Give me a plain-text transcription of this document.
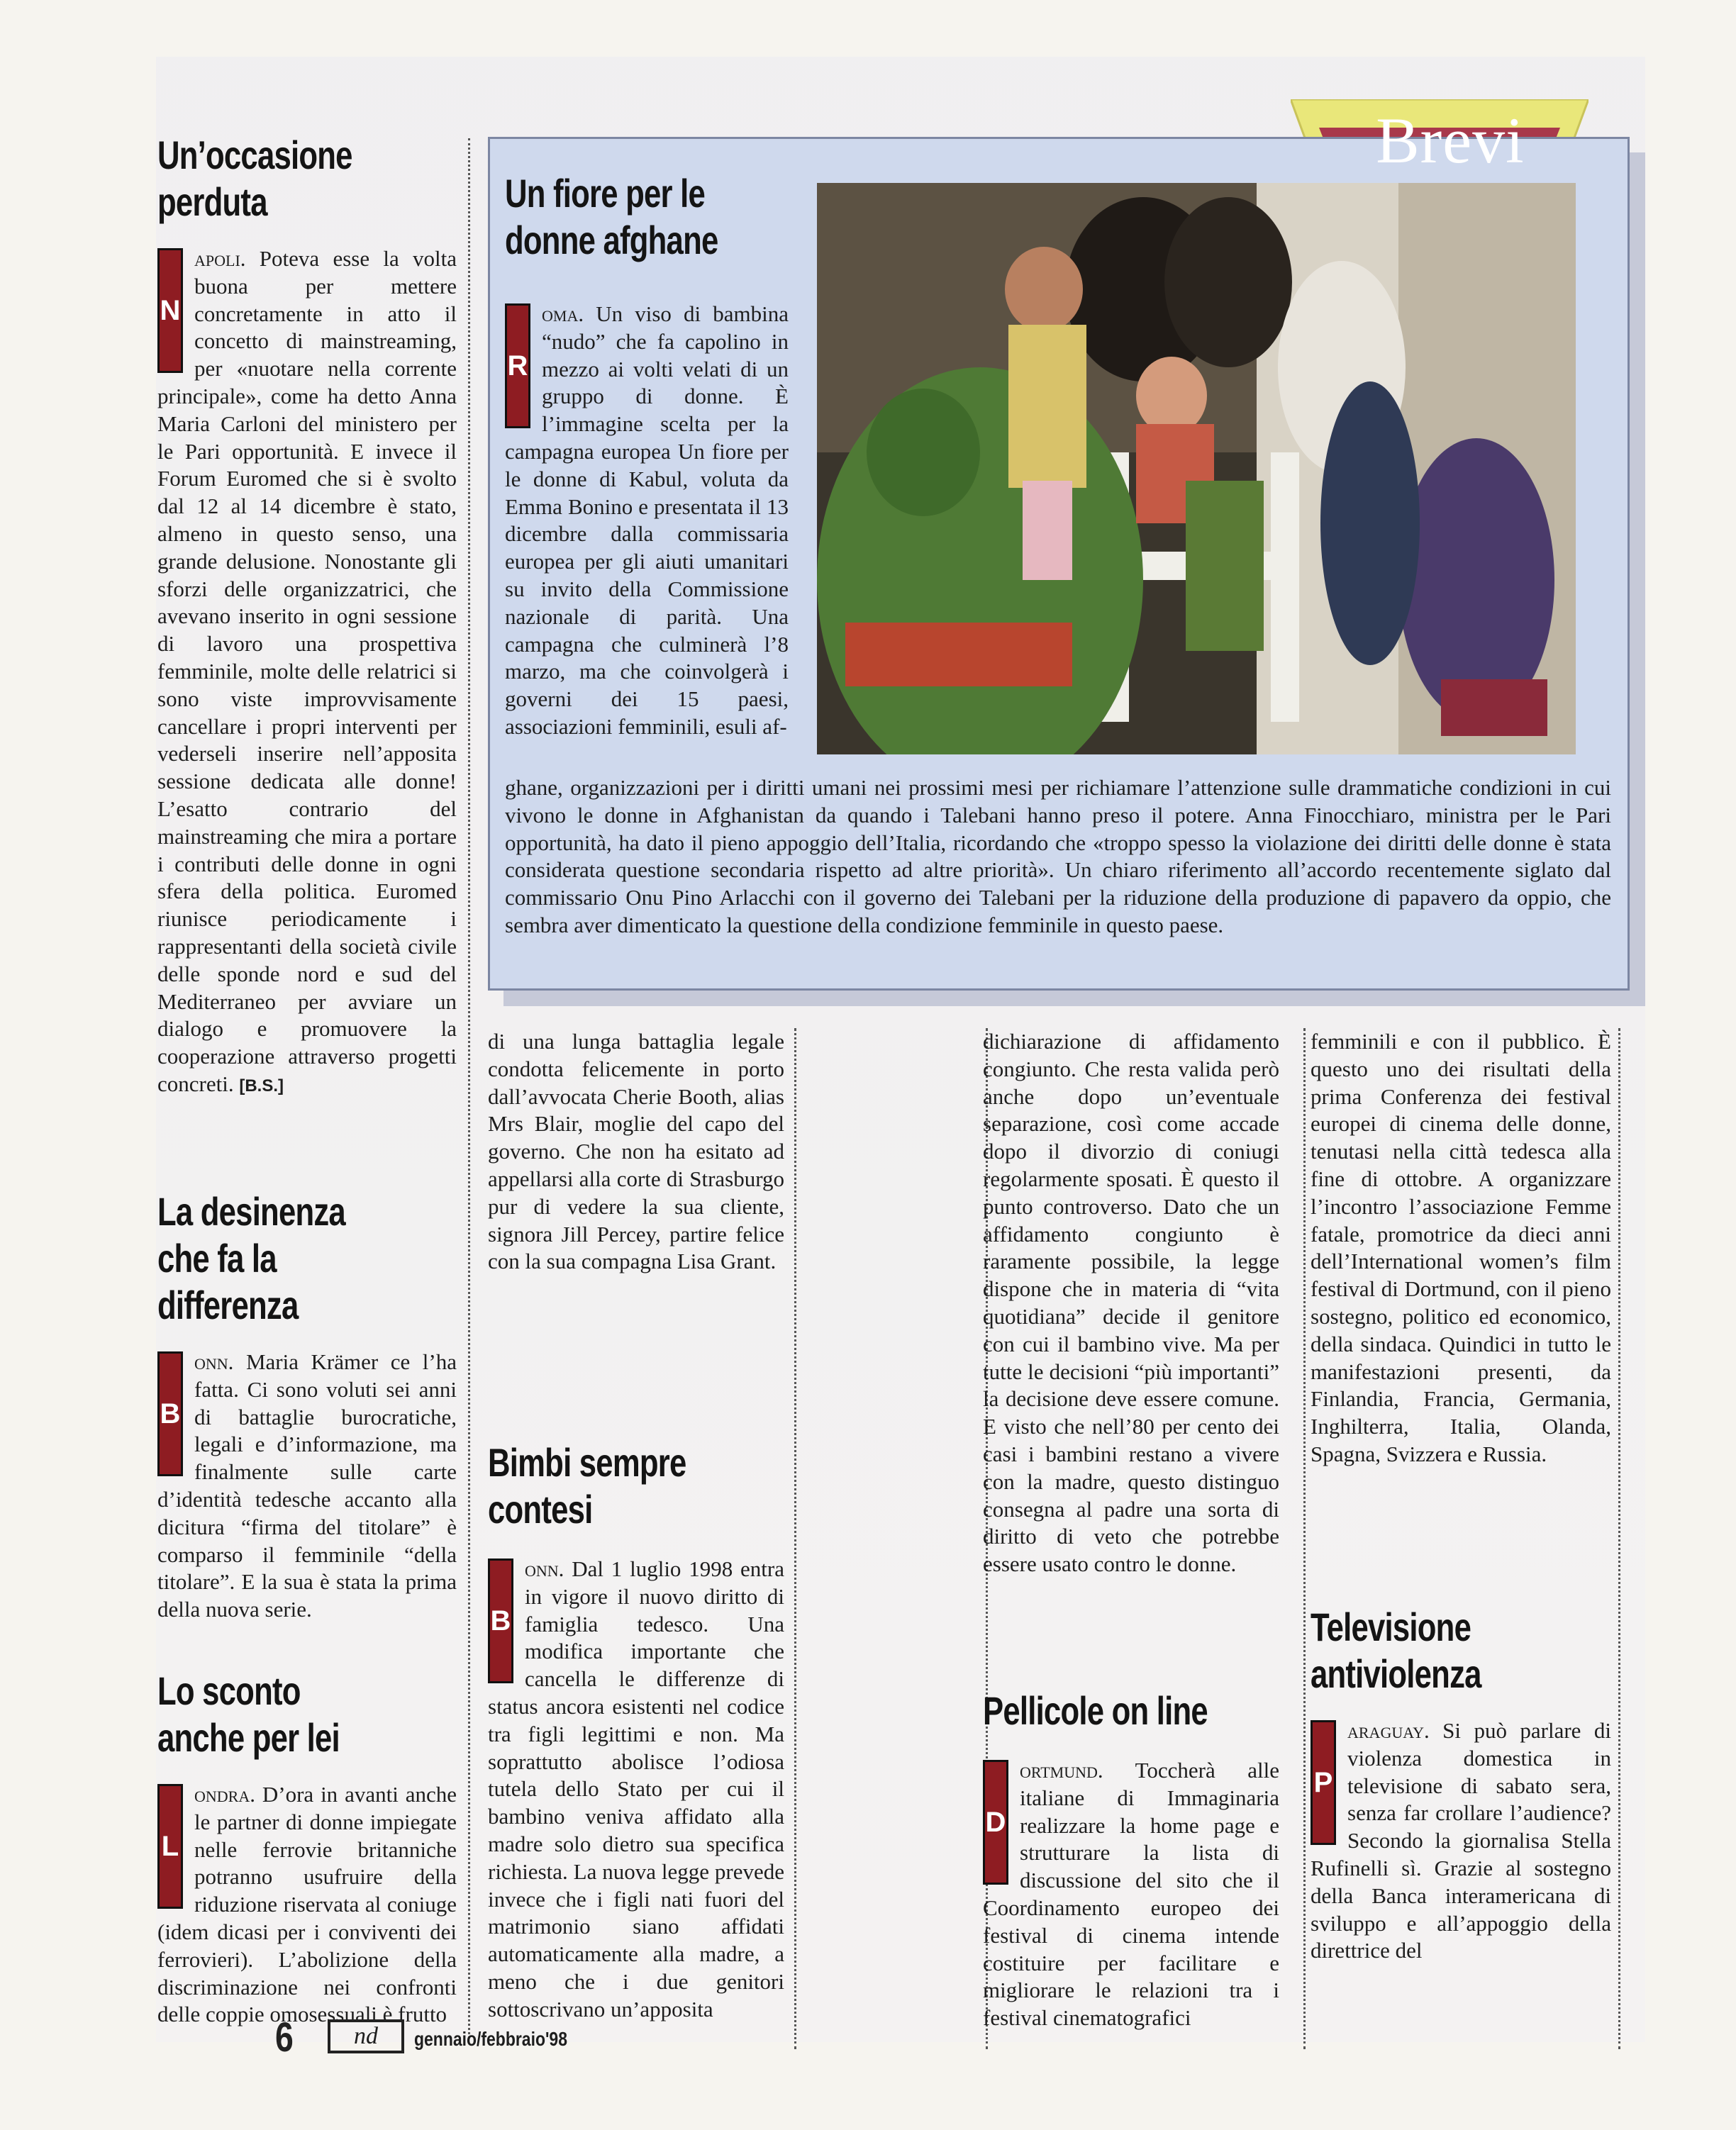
Brevi
Un fiore per le
donne afghane

R
oma. Un viso di bambina “nudo” che fa capolino in mezzo ai volti velati di un gruppo di donne. È l’immagine scelta per la campagna europea Un fiore per le donne di Kabul, voluta da Emma Bonino e presentata il 13 dicembre dalla commissaria europea per gli aiuti umanitari su invito della Commissione nazionale di parità. Una campagna che culminerà l’8 marzo, ma che coinvolgerà i governi dei 15 paesi, associazioni femminili, esuli af-

ghane, organizzazioni per i diritti umani nei prossimi mesi per richiamare l’attenzione sulle drammatiche condizioni in cui vivono le donne in Afghanistan da quando i Talebani hanno preso il potere. Anna Finocchiaro, ministra per le Pari opportunità, ha dato il pieno appoggio dell’Italia, ricordando che «troppo spesso la violazione dei diritti delle donne è stata considerata questione secondaria rispetto ad altre priorità». Un chiaro riferimento all’accordo recentemente siglato dal commissario Onu Pino Arlacchi con il governo dei Talebani per la riduzione della produzione di papavero da oppio, che sembra aver dimenticato la questione della condizione femminile in questo paese.

Un’occasione
perduta

N
apoli. Poteva esse la volta buona per mettere concretamente in atto il concetto di mainstreaming, per «nuotare nella corrente principale», come ha detto Anna Maria Carloni del ministero per le Pari opportunità. E invece il Forum Euromed che si è svolto dal 12 al 14 dicembre è stato, almeno in questo senso, una grande delusione. Nonostante gli sforzi delle organizzatrici, che avevano inserito in ogni sessione di lavoro una prospettiva femminile, molte delle relatrici si sono viste improvvisamente cancellare i propri interventi per vederseli inserire nell’apposita sessione dedicata alle donne! L’esatto contrario del mainstreaming che mira a portare i contributi delle donne in ogni sfera della politica. Euromed riunisce periodicamente i rappresentanti della società civile delle sponde nord e sud del Mediterraneo per avviare un dialogo e promuovere la cooperazione attraverso progetti concreti. [B.S.]

La desinenza
che fa la differenza

B
onn. Maria Krämer ce l’ha fatta. Ci sono voluti sei anni di battaglie burocratiche, legali e d’informazione, ma finalmente sulle carte d’identità tedesche accanto alla dicitura “firma del titolare” è comparso il femminile “della titolare”. E la sua è stata la prima della nuova serie.

Lo sconto
anche per lei

L
ondra. D’ora in avanti anche le partner di donne impiegate nelle ferrovie britanniche potranno usufruire della riduzione riservata al coniuge (idem dicasi per i conviventi dei ferrovieri). L’abolizione della discriminazione nei confronti delle coppie omosessuali è frutto

Bimbi sempre contesi

B
onn. Dal 1 luglio 1998 entra in vigore il nuovo diritto di famiglia tedesco. Una modifica importante che cancella le differenze di status ancora esistenti nel codice tra figli legittimi e non. Ma soprattutto abolisce l’odiosa tutela dello Stato per cui il bambino veniva affidato alla madre solo dietro sua specifica richiesta. La nuova legge prevede invece che i figli nati fuori del matrimonio siano affidati automaticamente alla madre, a meno che i due genitori sottoscrivano un’apposita

Pellicole on line

D
ortmund. Toccherà alle italiane di Immaginaria realizzare la home page e strutturare la lista di discussione del sito che il Coordinamento europeo dei festival di cinema intende costituire per facilitare e migliorare le relazioni tra i festival cinematografici

Televisione
antiviolenza

P
araguay. Si può parlare di violenza domestica in televisione di sabato sera, senza far crollare l’audience? Secondo la giornalisa Stella Rufinelli sì. Grazie al sostegno della Banca interamericana di sviluppo e all’appoggio della direttrice del

6	nd	gennaio/febbraio'98

di una lunga battaglia legale condotta felicemente in porto dall’avvocata Cherie Booth, alias Mrs Blair, moglie del capo del governo. Che non ha esitato ad appellarsi alla corte di Strasburgo pur di vedere la sua cliente, signora Jill Percey, partire felice con la sua compagna Lisa Grant.

dichiarazione di affidamento congiunto. Che resta valida però anche dopo un’eventuale separazione, così come accade dopo il divorzio di coniugi regolarmente sposati. È questo il punto controverso. Dato che un affidamento congiunto è raramente possibile, la legge dispone che in materia di “vita quotidiana” decide il genitore con cui il bambino vive. Ma per tutte le decisioni “più importanti” la decisione deve essere comune. E visto che nell’80 per cento dei casi i bambini restano a vivere con la madre, questo distinguo consegna al padre una sorta di diritto di veto che potrebbe essere usato contro le donne.

femminili e con il pubblico. È questo uno dei risultati della prima Conferenza dei festival europei di cinema delle donne, tenutasi nella città tedesca alla fine di ottobre. A organizzare l’incontro l’associazione Femme fatale, promotrice da dieci anni dell’International women’s film festival di Dortmund, con il pieno sostegno, politico ed economico, della sindaca. Quindici in tutto le manifestazioni presenti, da Finlandia, Francia, Germania, Inghilterra, Italia, Olanda, Spagna, Svizzera e Russia.
